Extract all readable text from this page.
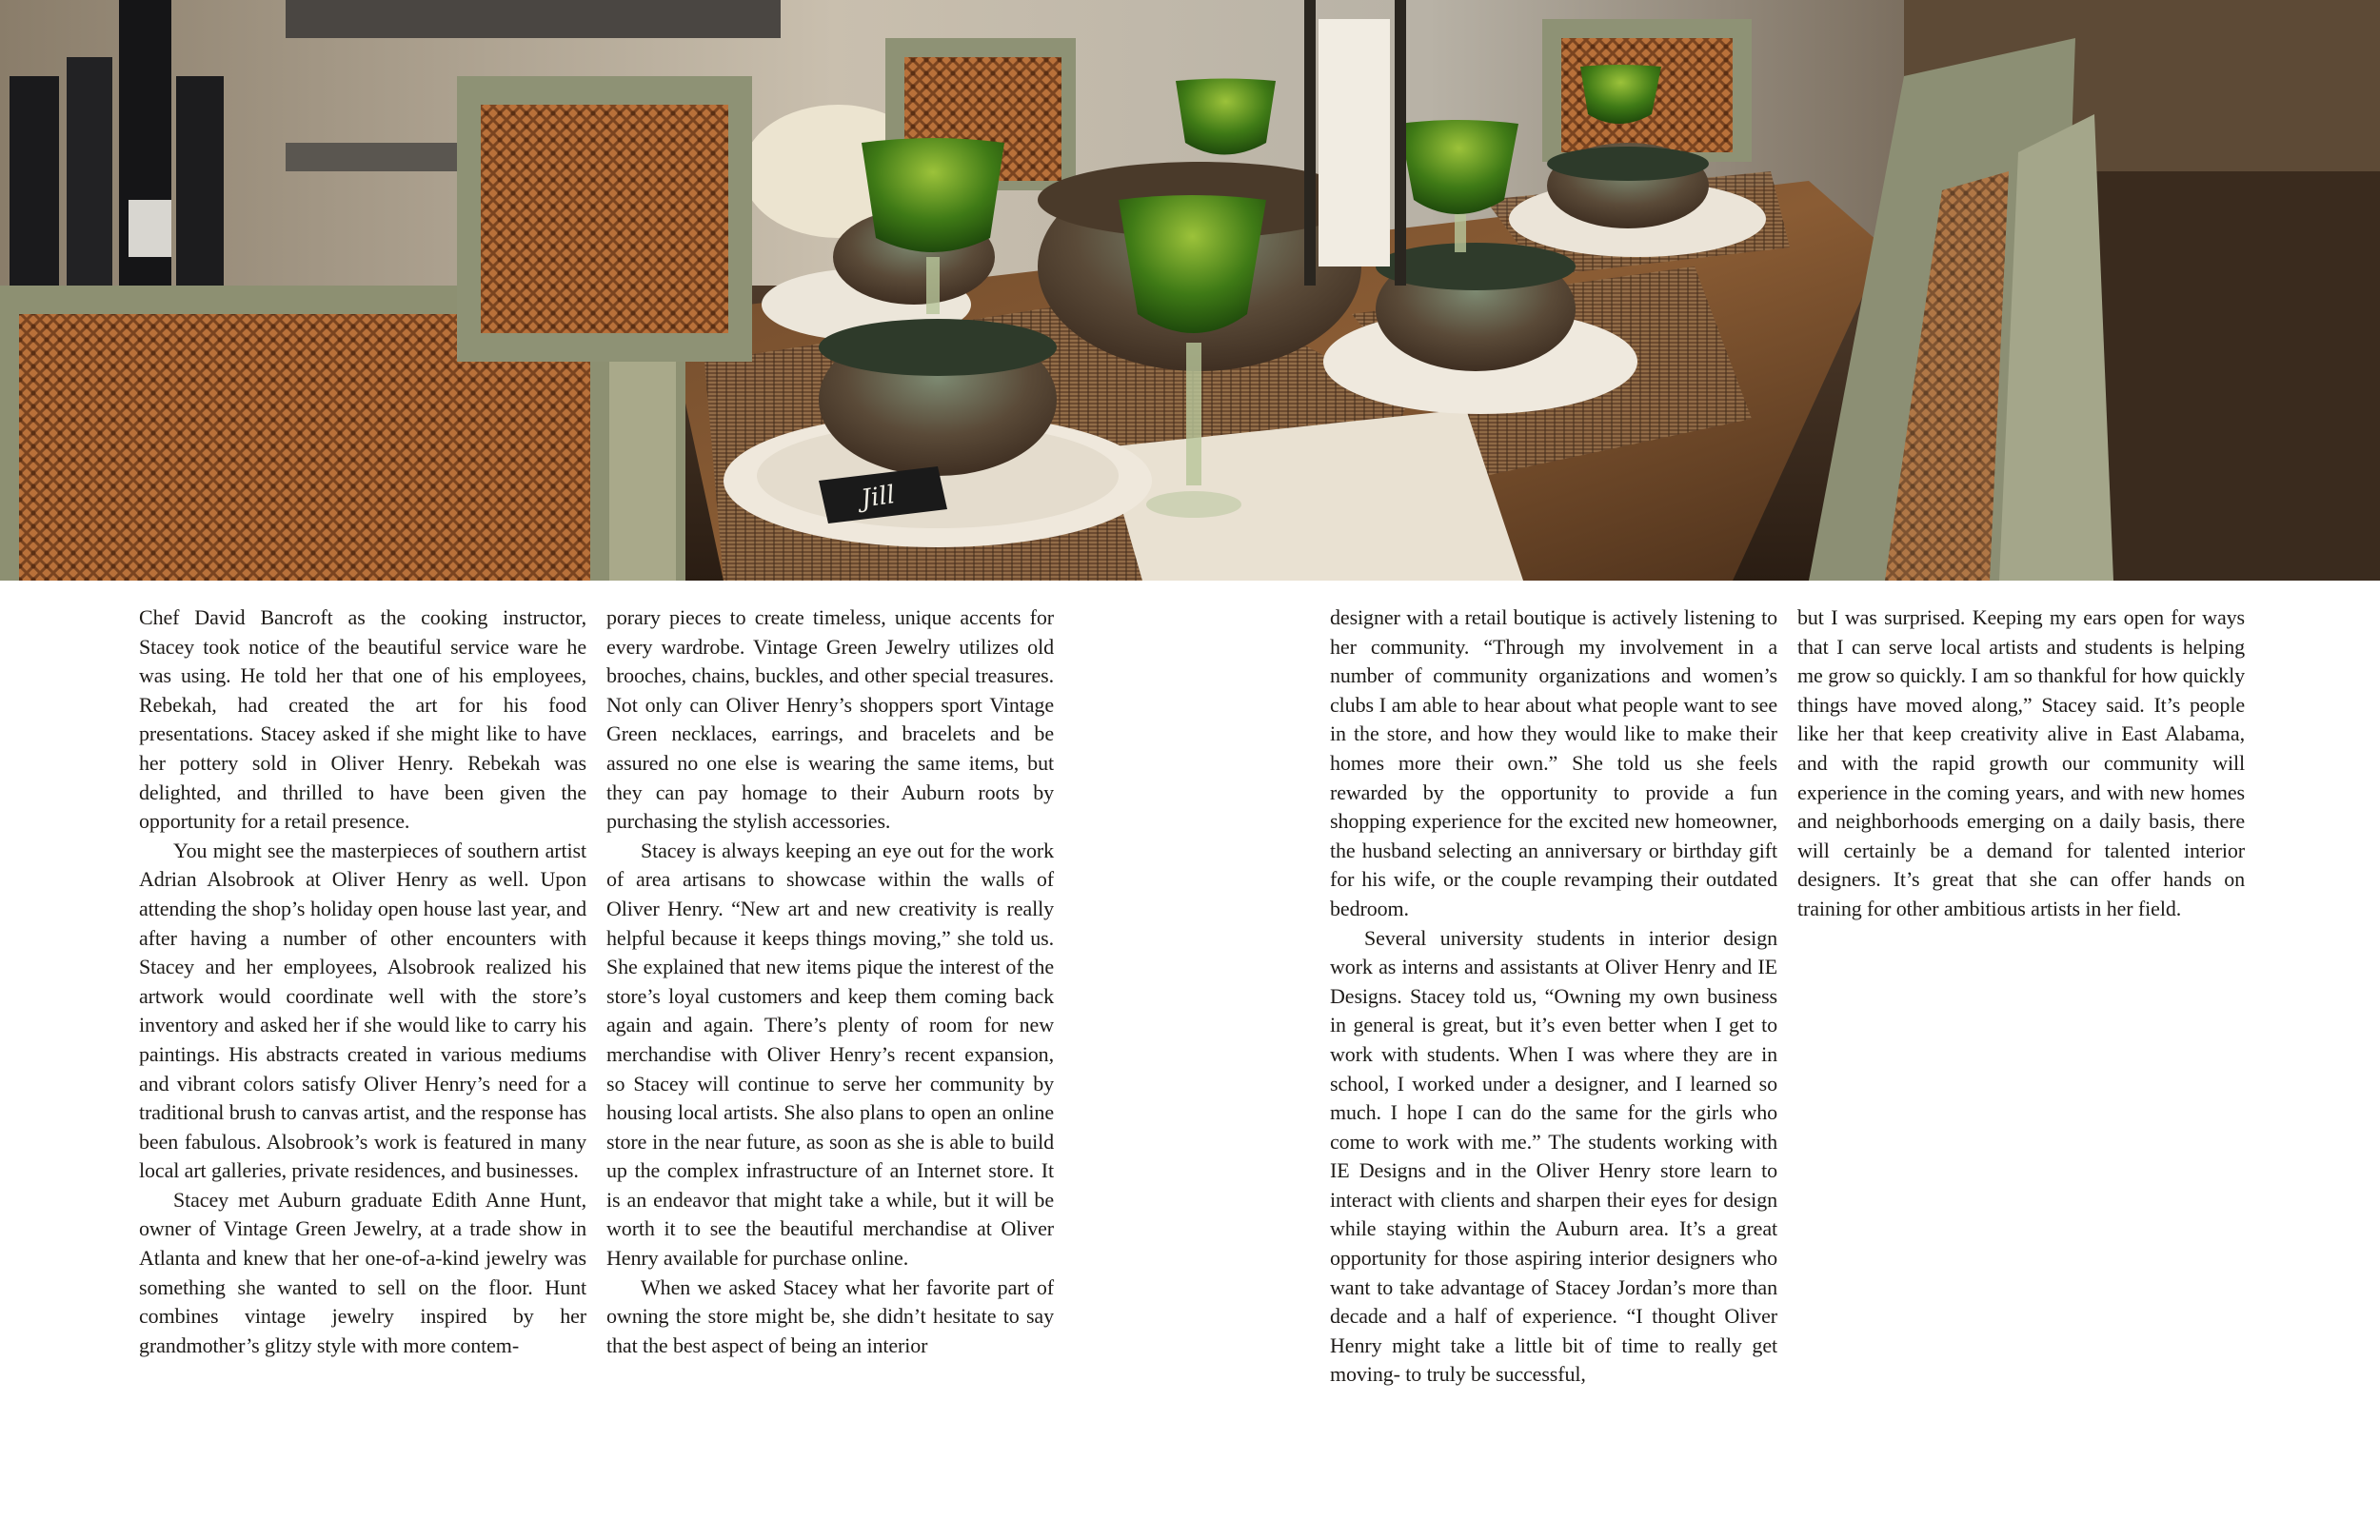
Jill

Chef David Bancroft as the cooking instructor, Stacey took notice of the beautiful service ware he was using. He told her that one of his employees, Rebekah, had created the art for his food presentations. Stacey asked if she might like to have her pottery sold in Oliver Henry. Rebekah was delighted, and thrilled to have been given the opportunity for a retail presence.

You might see the masterpieces of southern artist Adrian Alsobrook at Oliver Henry as well. Upon attending the shop’s holiday open house last year, and after having a number of other encounters with Stacey and her employees, Alsobrook realized his artwork would coordinate well with the store’s inventory and asked her if she would like to carry his paintings. His abstracts created in various mediums and vibrant colors satisfy Oliver Henry’s need for a traditional brush to canvas artist, and the response has been fabulous. Alsobrook’s work is featured in many local art galleries, private residences, and businesses.

Stacey met Auburn graduate Edith Anne Hunt, owner of Vintage Green Jewelry, at a trade show in Atlanta and knew that her one-of-a-kind jewelry was something she wanted to sell on the floor. Hunt combines vintage jewelry inspired by her grandmother’s glitzy style with more contem-

porary pieces to create timeless, unique accents for every wardrobe. Vintage Green Jewelry utilizes old brooches, chains, buckles, and other special treasures. Not only can Oliver Henry’s shoppers sport Vintage Green necklaces, earrings, and bracelets and be assured no one else is wearing the same items, but they can pay homage to their Auburn roots by purchasing the stylish accessories.

Stacey is always keeping an eye out for the work of area artisans to showcase within the walls of Oliver Henry. “New art and new creativity is really helpful because it keeps things moving,” she told us. She explained that new items pique the interest of the store’s loyal customers and keep them coming back again and again. There’s plenty of room for new merchandise with Oliver Henry’s recent expansion, so Stacey will continue to serve her community by housing local artists. She also plans to open an online store in the near future, as soon as she is able to build up the complex infrastructure of an Internet store. It is an endeavor that might take a while, but it will be worth it to see the beautiful merchandise at Oliver Henry available for purchase online.

When we asked Stacey what her favorite part of owning the store might be, she didn’t hesitate to say that the best aspect of being an interior

designer with a retail boutique is actively listening to her community. “Through my involvement in a number of community organizations and women’s clubs I am able to hear about what people want to see in the store, and how they would like to make their homes more their own.” She told us she feels rewarded by the opportunity to provide a fun shopping experience for the excited new homeowner, the husband selecting an anniversary or birthday gift for his wife, or the couple revamping their outdated bedroom.

Several university students in interior design work as interns and assistants at Oliver Henry and IE Designs. Stacey told us, “Owning my own business in general is great, but it’s even better when I get to work with students. When I was where they are in school, I worked under a designer, and I learned so much. I hope I can do the same for the girls who come to work with me.” The students working with IE Designs and in the Oliver Henry store learn to interact with clients and sharpen their eyes for design while staying within the Auburn area. It’s a great opportunity for those aspiring interior designers who want to take advantage of Stacey Jordan’s more than decade and a half of experience. “I thought Oliver Henry might take a little bit of time to really get moving- to truly be successful,

but I was surprised. Keeping my ears open for ways that I can serve local artists and students is helping me grow so quickly. I am so thankful for how quickly things have moved along,” Stacey said. It’s people like her that keep creativity alive in East Alabama, and with the rapid growth our community will experience in the coming years, and with new homes and neighborhoods emerging on a daily basis, there will certainly be a demand for talented interior designers. It’s great that she can offer hands on training for other ambitious artists in her field.
